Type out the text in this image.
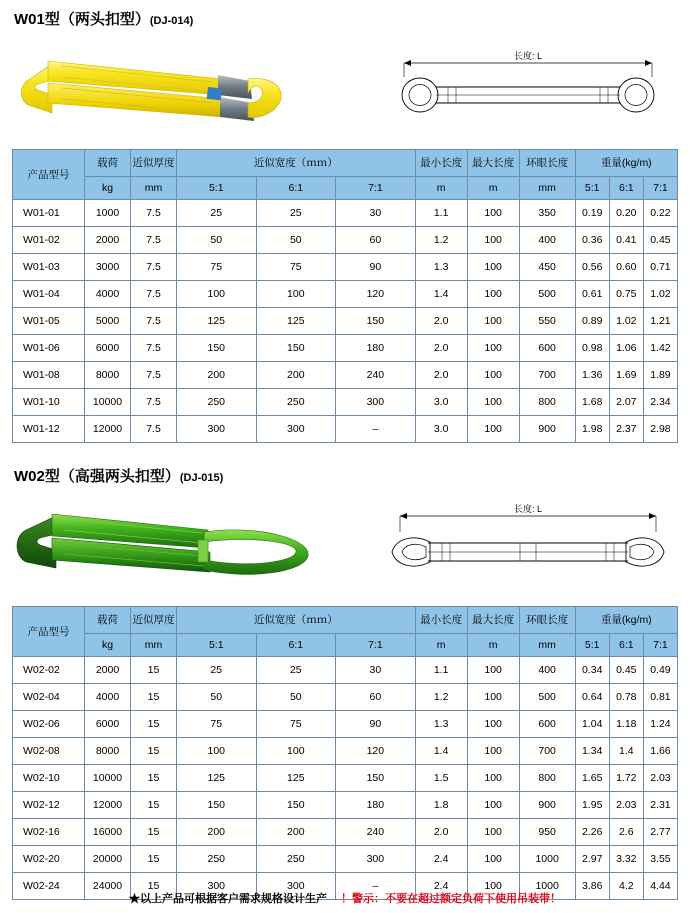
W01型（两头扣型）(DJ-014)
长度: L
产品型号	载荷	近似厚度	近似宽度（ｍｍ）			最小长度	最大长度	环眼长度	重量(kg/m)		
	kg	mm	5:1	6:1	7:1	m	m	mm	5:1	6:1	7:1
W01-01	1000	7.5	25	25	30	1.1	100	350	0.19	0.20	0.22
W01-02	2000	7.5	50	50	60	1.2	100	400	0.36	0.41	0.45
W01-03	3000	7.5	75	75	90	1.3	100	450	0.56	0.60	0.71
W01-04	4000	7.5	100	100	120	1.4	100	500	0.61	0.75	1.02
W01-05	5000	7.5	125	125	150	2.0	100	550	0.89	1.02	1.21
W01-06	6000	7.5	150	150	180	2.0	100	600	0.98	1.06	1.42
W01-08	8000	7.5	200	200	240	2.0	100	700	1.36	1.69	1.89
W01-10	10000	7.5	250	250	300	3.0	100	800	1.68	2.07	2.34
W01-12	12000	7.5	300	300	–	3.0	100	900	1.98	2.37	2.98
W02型（高强两头扣型）(DJ-015)
长度: L
产品型号	载荷	近似厚度	近似宽度（ｍｍ）			最小长度	最大长度	环眼长度	重量(kg/m)		
	kg	mm	5:1	6:1	7:1	m	m	mm	5:1	6:1	7:1
W02-02	2000	15	25	25	30	1.1	100	400	0.34	0.45	0.49
W02-04	4000	15	50	50	60	1.2	100	500	0.64	0.78	0.81
W02-06	6000	15	75	75	90	1.3	100	600	1.04	1.18	1.24
W02-08	8000	15	100	100	120	1.4	100	700	1.34	1.4	1.66
W02-10	10000	15	125	125	150	1.5	100	800	1.65	1.72	2.03
W02-12	12000	15	150	150	180	1.8	100	900	1.95	2.03	2.31
W02-16	16000	15	200	200	240	2.0	100	950	2.26	2.6	2.77
W02-20	20000	15	250	250	300	2.4	100	1000	2.97	3.32	3.55
W02-24	24000	15	300	300	–	2.4	100	1000	3.86	4.2	4.44
★以上产品可根据客户需求规格设计生产 ！警示：不要在超过额定负荷下使用吊装带！
